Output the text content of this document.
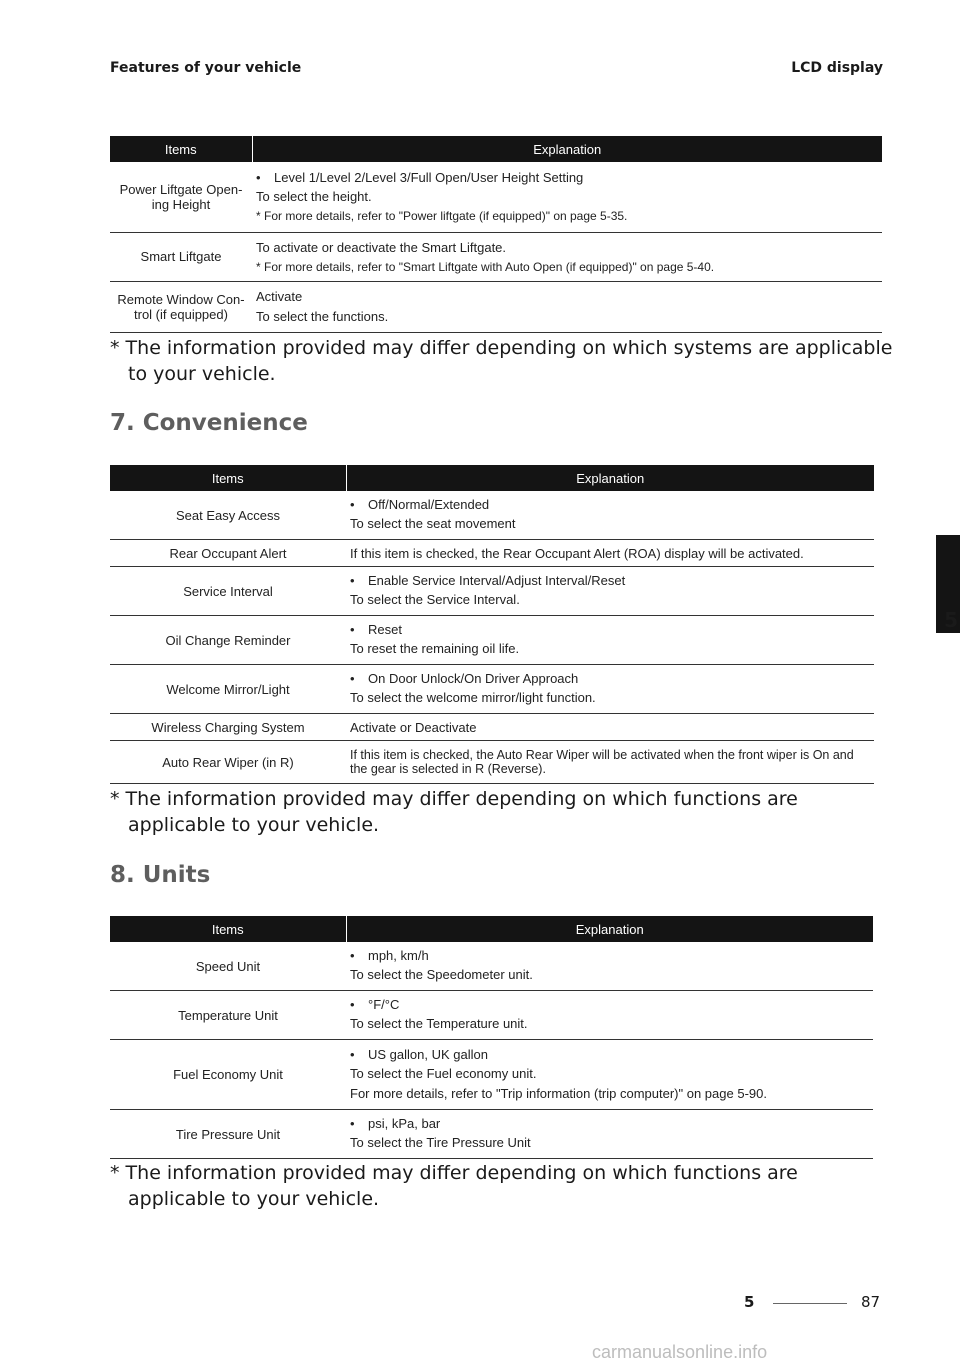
Features of your vehicle	LCD display
Items	Explanation
Power Liftgate Open-ing Height	• Level 1/Level 2/Level 3/Full Open/User Height Setting
To select the height.
* For more details, refer to "Power liftgate (if equipped)" on page 5-35.

Smart Liftgate	To activate or deactivate the Smart Liftgate.
* For more details, refer to "Smart Liftgate with Auto Open (if equipped)" on page 5-40.

Remote Window Con-trol (if equipped)	Activate
To select the functions.
* The information provided may differ depending on which systems are applicable to your vehicle.
7. Convenience
Items	Explanation
Seat Easy Access	• Off/Normal/Extended
To select the seat movement

Rear Occupant Alert	If this item is checked, the Rear Occupant Alert (ROA) display will be activated.
Service Interval	• Enable Service Interval/Adjust Interval/Reset
To select the Service Interval.

Oil Change Reminder	• Reset
To reset the remaining oil life.

Welcome Mirror/Light	• On Door Unlock/On Driver Approach
To select the welcome mirror/light function.

Wireless Charging System	Activate or Deactivate
Auto Rear Wiper (in R)	If this item is checked, the Auto Rear Wiper will be activated when the front wiper is On and the gear is selected in R (Reverse).
* The information provided may differ depending on which functions are applicable to your vehicle.
8. Units
Items	Explanation
Speed Unit	• mph, km/h
To select the Speedometer unit.

Temperature Unit	• °F/°C
To select the Temperature unit.

Fuel Economy Unit	• US gallon, UK gallon
To select the Fuel economy unit.
For more details, refer to "Trip information (trip computer)" on page 5-90.

Tire Pressure Unit	• psi, kPa, bar
To select the Tire Pressure Unit
* The information provided may differ depending on which functions are applicable to your vehicle.
5
5	87
carmanualsonline.info
